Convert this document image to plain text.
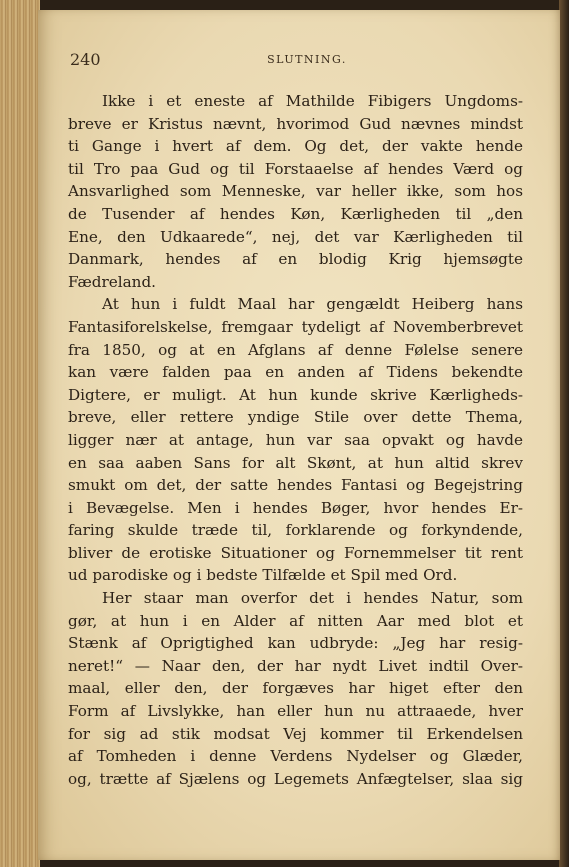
240	SLUTNING.
Ikke i et eneste af Mathilde Fibigers Ungdoms-
breve er Kristus nævnt, hvorimod Gud nævnes mindst
ti Gange i hvert af dem. Og det, der vakte hende
til Tro paa Gud og til Forstaaelse af hendes Værd og
Ansvarlighed som Menneske, var heller ikke, som hos
de Tusender af hendes Køn, Kærligheden til „den
Ene, den Udkaarede“, nej, det var Kærligheden til
Danmark, hendes af en blodig Krig hjemsøgte
Fædreland.
At hun i fuldt Maal har gengældt Heiberg hans
Fantasiforelskelse, fremgaar tydeligt af Novemberbrevet
fra 1850, og at en Afglans af denne Følelse senere
kan være falden paa en anden af Tidens bekendte
Digtere, er muligt. At hun kunde skrive Kærligheds-
breve, eller rettere yndige Stile over dette Thema,
ligger nær at antage, hun var saa opvakt og havde
en saa aaben Sans for alt Skønt, at hun altid skrev
smukt om det, der satte hendes Fantasi og Begejstring
i Bevægelse. Men i hendes Bøger, hvor hendes Er-
faring skulde træde til, forklarende og forkyndende,
bliver de erotiske Situationer og Fornemmelser tit rent
ud parodiske og i bedste Tilfælde et Spil med Ord.
Her staar man overfor det i hendes Natur, som
gør, at hun i en Alder af nitten Aar med blot et
Stænk af Oprigtighed kan udbryde: „Jeg har resig-
neret!“ — Naar den, der har nydt Livet indtil Over-
maal, eller den, der forgæves har higet efter den
Form af Livslykke, han eller hun nu attraaede, hver
for sig ad stik modsat Vej kommer til Erkendelsen
af Tomheden i denne Verdens Nydelser og Glæder,
og, trætte af Sjælens og Legemets Anfægtelser, slaa sig
